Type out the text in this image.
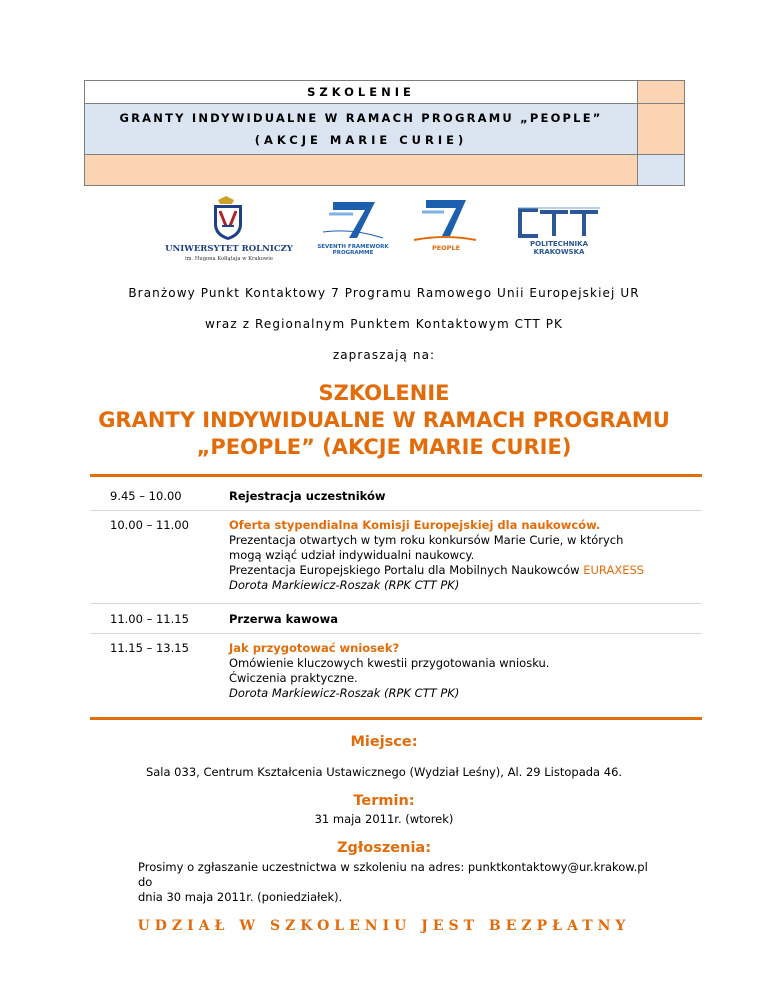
SZKOLENIE	

GRANTY INDYWIDUALNE W RAMACH PROGRAMU „PEOPLE”
(AKCJE MARIE CURIE)	

UNIWERSYTET ROLNICZY
im. Hugona Kołłątaja w Krakowie
SEVENTH FRAMEWORK
PROGRAMME
PEOPLE	POLITECHNIKA
KRAKOWSKA
Branżowy Punkt Kontaktowy 7 Programu Ramowego Unii Europejskiej UR
wraz z Regionalnym Punktem Kontaktowym CTT PK
zapraszają na:
SZKOLENIE
GRANTY INDYWIDUALNE W RAMACH PROGRAMU
„PEOPLE” (AKCJE MARIE CURIE)
9.45 – 10.00	Rejestracja uczestników
10.00 – 11.00	Oferta stypendialna Komisji Europejskiej dla naukowców.
Prezentacja otwartych w tym roku konkursów Marie Curie, w których
mogą wziąć udział indywidualni naukowcy.
Prezentacja Europejskiego Portalu dla Mobilnych Naukowców EURAXESS
Dorota Markiewicz-Roszak (RPK CTT PK)
11.00 – 11.15	Przerwa kawowa
11.15 – 13.15	Jak przygotować wniosek?
Omówienie kluczowych kwestii przygotowania wniosku.
Ćwiczenia praktyczne.
Dorota Markiewicz-Roszak (RPK CTT PK)
Miejsce:
Sala 033, Centrum Kształcenia Ustawicznego (Wydział Leśny), Al. 29 Listopada 46.
Termin:
31 maja 2011r. (wtorek)
Zgłoszenia:
Prosimy o zgłaszanie uczestnictwa w szkoleniu na adres: punktkontaktowy@ur.krakow.pl do
dnia 30 maja 2011r. (poniedziałek).
UDZIAŁ W SZKOLENIU JEST BEZPŁATNY
